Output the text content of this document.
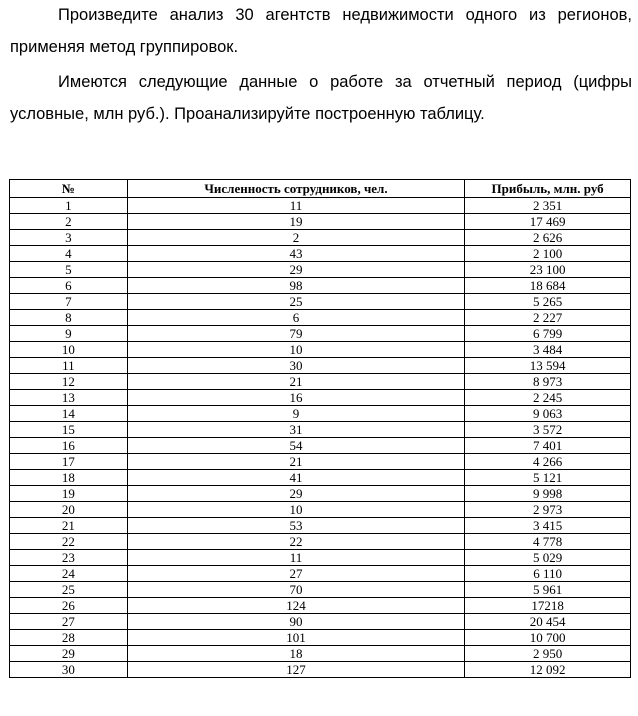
Произведите анализ 30 агентств недвижимости одного из регионов, применяя метод группировок.

Имеются следующие данные о работе за отчетный период (цифры условные, млн руб.). Проанализируйте построенную таблицу.

№	Численность сотрудников, чел.	Прибыль, млн. руб
1	11	2 351
2	19	17 469
3	2	2 626
4	43	2 100
5	29	23 100
6	98	18 684
7	25	5 265
8	6	2 227
9	79	6 799
10	10	3 484
11	30	13 594
12	21	8 973
13	16	2 245
14	9	9 063
15	31	3 572
16	54	7 401
17	21	4 266
18	41	5 121
19	29	9 998
20	10	2 973
21	53	3 415
22	22	4 778
23	11	5 029
24	27	6 110
25	70	5 961
26	124	17218
27	90	20 454
28	101	10 700
29	18	2 950
30	127	12 092
